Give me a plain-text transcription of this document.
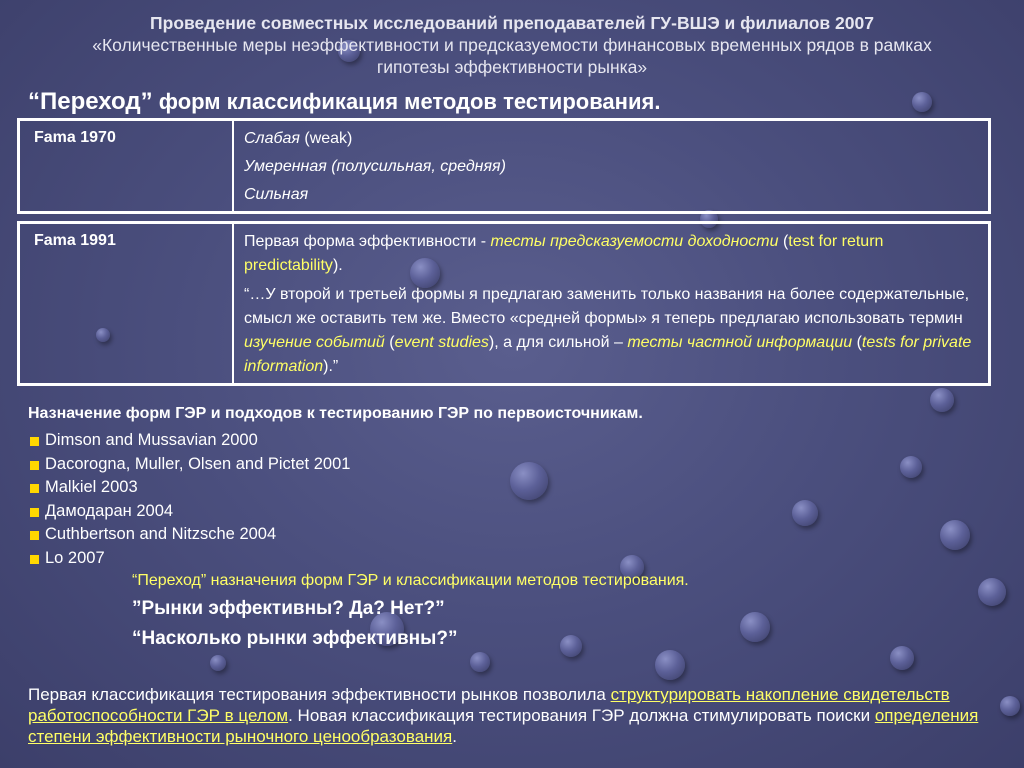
Проведение совместных исследований преподавателей ГУ-ВШЭ и филиалов 2007
«Количественные меры неэффективности и предсказуемости финансовых временных рядов в рамках
гипотезы эффективности рынка»
“Переход” форм классификация методов тестирования.
Fama 1970	Слабая (weak)
Умеренная (полусильная, средняя)
Сильная
Fama 1991	Первая форма эффективности - тесты предсказуемости доходности (test for return predictability).
“…У второй и третьей формы я предлагаю заменить только названия на более содержательные, смысл же оставить тем же. Вместо «средней формы» я теперь предлагаю использовать термин изучение событий (event studies), а для сильной – тесты частной информации (tests for private information).”
Назначение форм ГЭР и подходов к тестированию ГЭР по первоисточникам.
Dimson and Mussavian 2000
Dacorogna, Muller, Olsen and Pictet 2001
Malkiel 2003
Дамодаран 2004
Cuthbertson and Nitzsche 2004
Lo 2007
“Переход” назначения форм ГЭР и классификации методов тестирования.
”Рынки эффективны? Да? Нет?”
“Насколько рынки эффективны?”
Первая классификация тестирования эффективности рынков позволила структурировать накопление свидетельств работоспособности ГЭР в целом. Новая классификация тестирования ГЭР должна стимулировать поиски определения степени эффективности рыночного ценообразования.
